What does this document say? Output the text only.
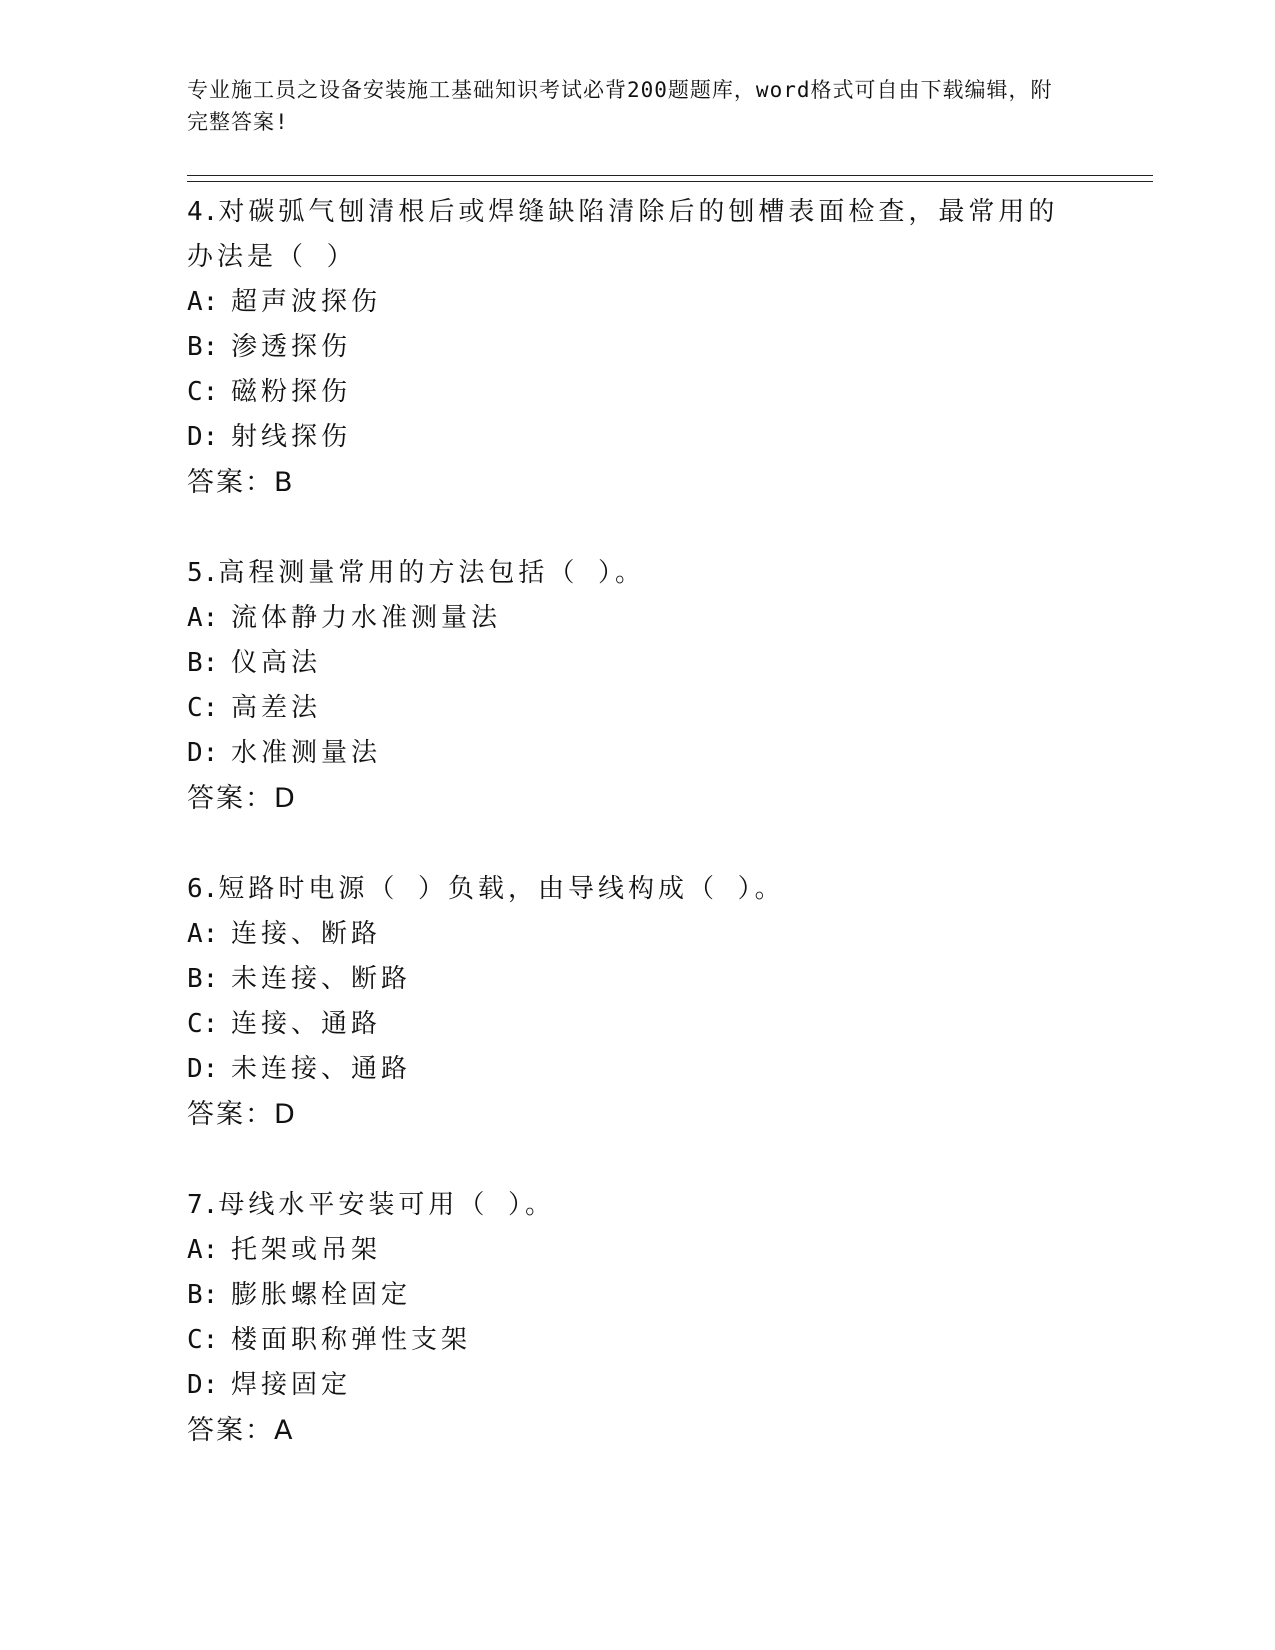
专业施工员之设备安装施工基础知识考试必背200题题库，word格式可自由下载编辑，附完整答案!
4.对碳弧气刨清根后或焊缝缺陷清除后的刨槽表面检查，最常用的办法是（ ）
A: 超声波探伤
B: 渗透探伤
C: 磁粉探伤
D: 射线探伤
答案：B
5.高程测量常用的方法包括（ ）。
A: 流体静力水准测量法
B: 仪高法
C: 高差法
D: 水准测量法
答案：D
6.短路时电源（ ）负载，由导线构成（ ）。
A: 连接、断路
B: 未连接、断路
C: 连接、通路
D: 未连接、通路
答案：D
7.母线水平安装可用（ ）。
A: 托架或吊架
B: 膨胀螺栓固定
C: 楼面职称弹性支架
D: 焊接固定
答案：A
